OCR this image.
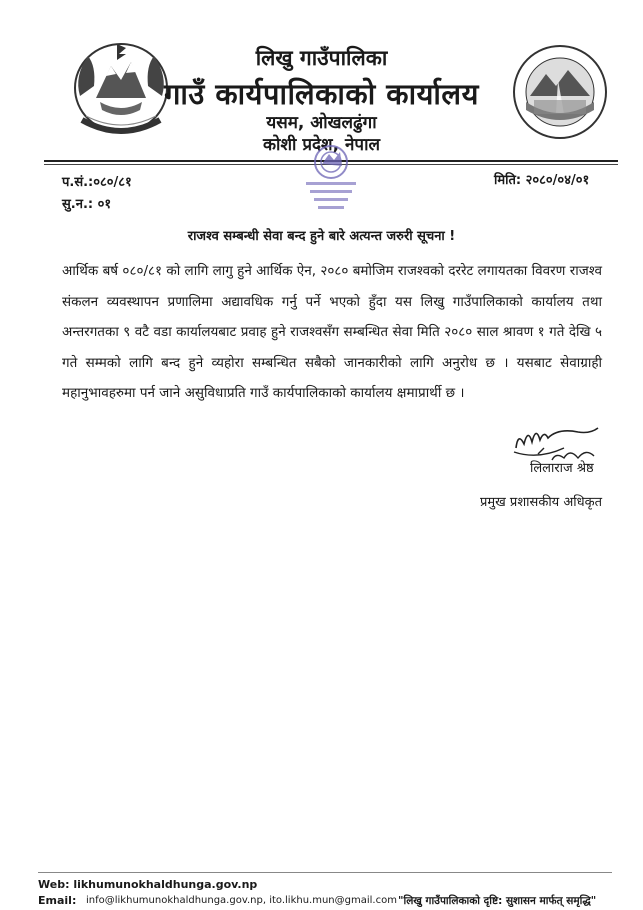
लिखु गाउँपालिका
गाउँ कार्यपालिकाको कार्यालय
यसम, ओखलढुंगा
कोशी प्रदेश, नेपाल
प.सं.:०८०/८१
सु.न.: ०१
मिति: २०८०/०४/०१
राजश्व सम्बन्धी सेवा बन्द हुने बारे अत्यन्त जरुरी सूचना !
आर्थिक बर्ष ०८०/८१ को लागि लागु हुने आर्थिक ऐन, २०८० बमोजिम राजश्वको दररेट लगायतका विवरण राजश्व संकलन व्यवस्थापन प्रणालिमा अद्यावधिक गर्नु पर्ने भएको हुँदा यस लिखु गाउँपालिकाको कार्यालय तथा अन्तरगतका ९ वटै वडा कार्यालयबाट प्रवाह हुने राजश्वसँग सम्बन्धित सेवा मिति २०८० साल श्रावण १ गते देखि ५ गते सम्मको लागि बन्द हुने व्यहोरा सम्बन्धित सबैको जानकारीको लागि अनुरोध छ । यसबाट सेवाग्राही महानुभावहरुमा पर्न जाने असुविधाप्रति गाउँ कार्यपालिकाको कार्यालय क्षमाप्रार्थी छ ।
लिलाराज श्रेष्ठ
प्रमुख प्रशासकीय अधिकृत
Web: likhumunokhaldhunga.gov.np
Email: info@likhumunokhaldhunga.gov.np, ito.likhu.mun@gmail.com "लिखु गाउँपालिकाको दृष्टि: सुशासन मार्फत् समृद्धि"
